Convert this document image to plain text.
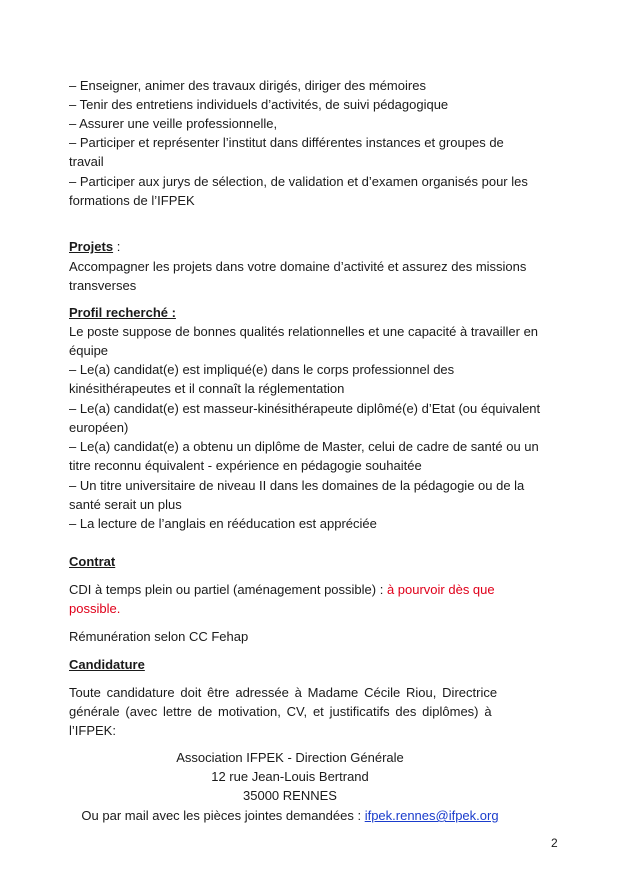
– Enseigner, animer des travaux dirigés, diriger des mémoires
– Tenir des entretiens individuels d’activités, de suivi pédagogique
– Assurer une veille professionnelle,
– Participer et représenter l’institut dans différentes instances et groupes de
travail
– Participer aux jurys de sélection, de validation et d’examen organisés pour les
formations de l’IFPEK
Projets :
Accompagner les projets dans votre domaine d’activité et assurez des missions
transverses
Profil recherché :
Le poste suppose de bonnes qualités relationnelles et une capacité à travailler en
équipe
– Le(a) candidat(e) est impliqué(e) dans le corps professionnel des
kinésithérapeutes et il connaît la réglementation
– Le(a) candidat(e) est masseur-kinésithérapeute diplômé(e) d’Etat (ou équivalent
européen)
– Le(a) candidat(e) a obtenu un diplôme de Master, celui de cadre de santé ou un
titre reconnu équivalent - expérience en pédagogie souhaitée
– Un titre universitaire de niveau II dans les domaines de la pédagogie ou de la
santé serait un plus
– La lecture de l’anglais en rééducation est appréciée
Contrat
CDI à temps plein ou partiel (aménagement possible) : à pourvoir dès que
possible.
Rémunération selon CC Fehap
Candidature
Toute candidature doit être adressée à Madame Cécile Riou, Directrice
générale (avec lettre de motivation, CV, et justificatifs des diplômes) à
l’IFPEK:
Association IFPEK - Direction Générale
12 rue Jean-Louis Bertrand
35000 RENNES
Ou par mail avec les pièces jointes demandées : ifpek.rennes@ifpek.org
2
